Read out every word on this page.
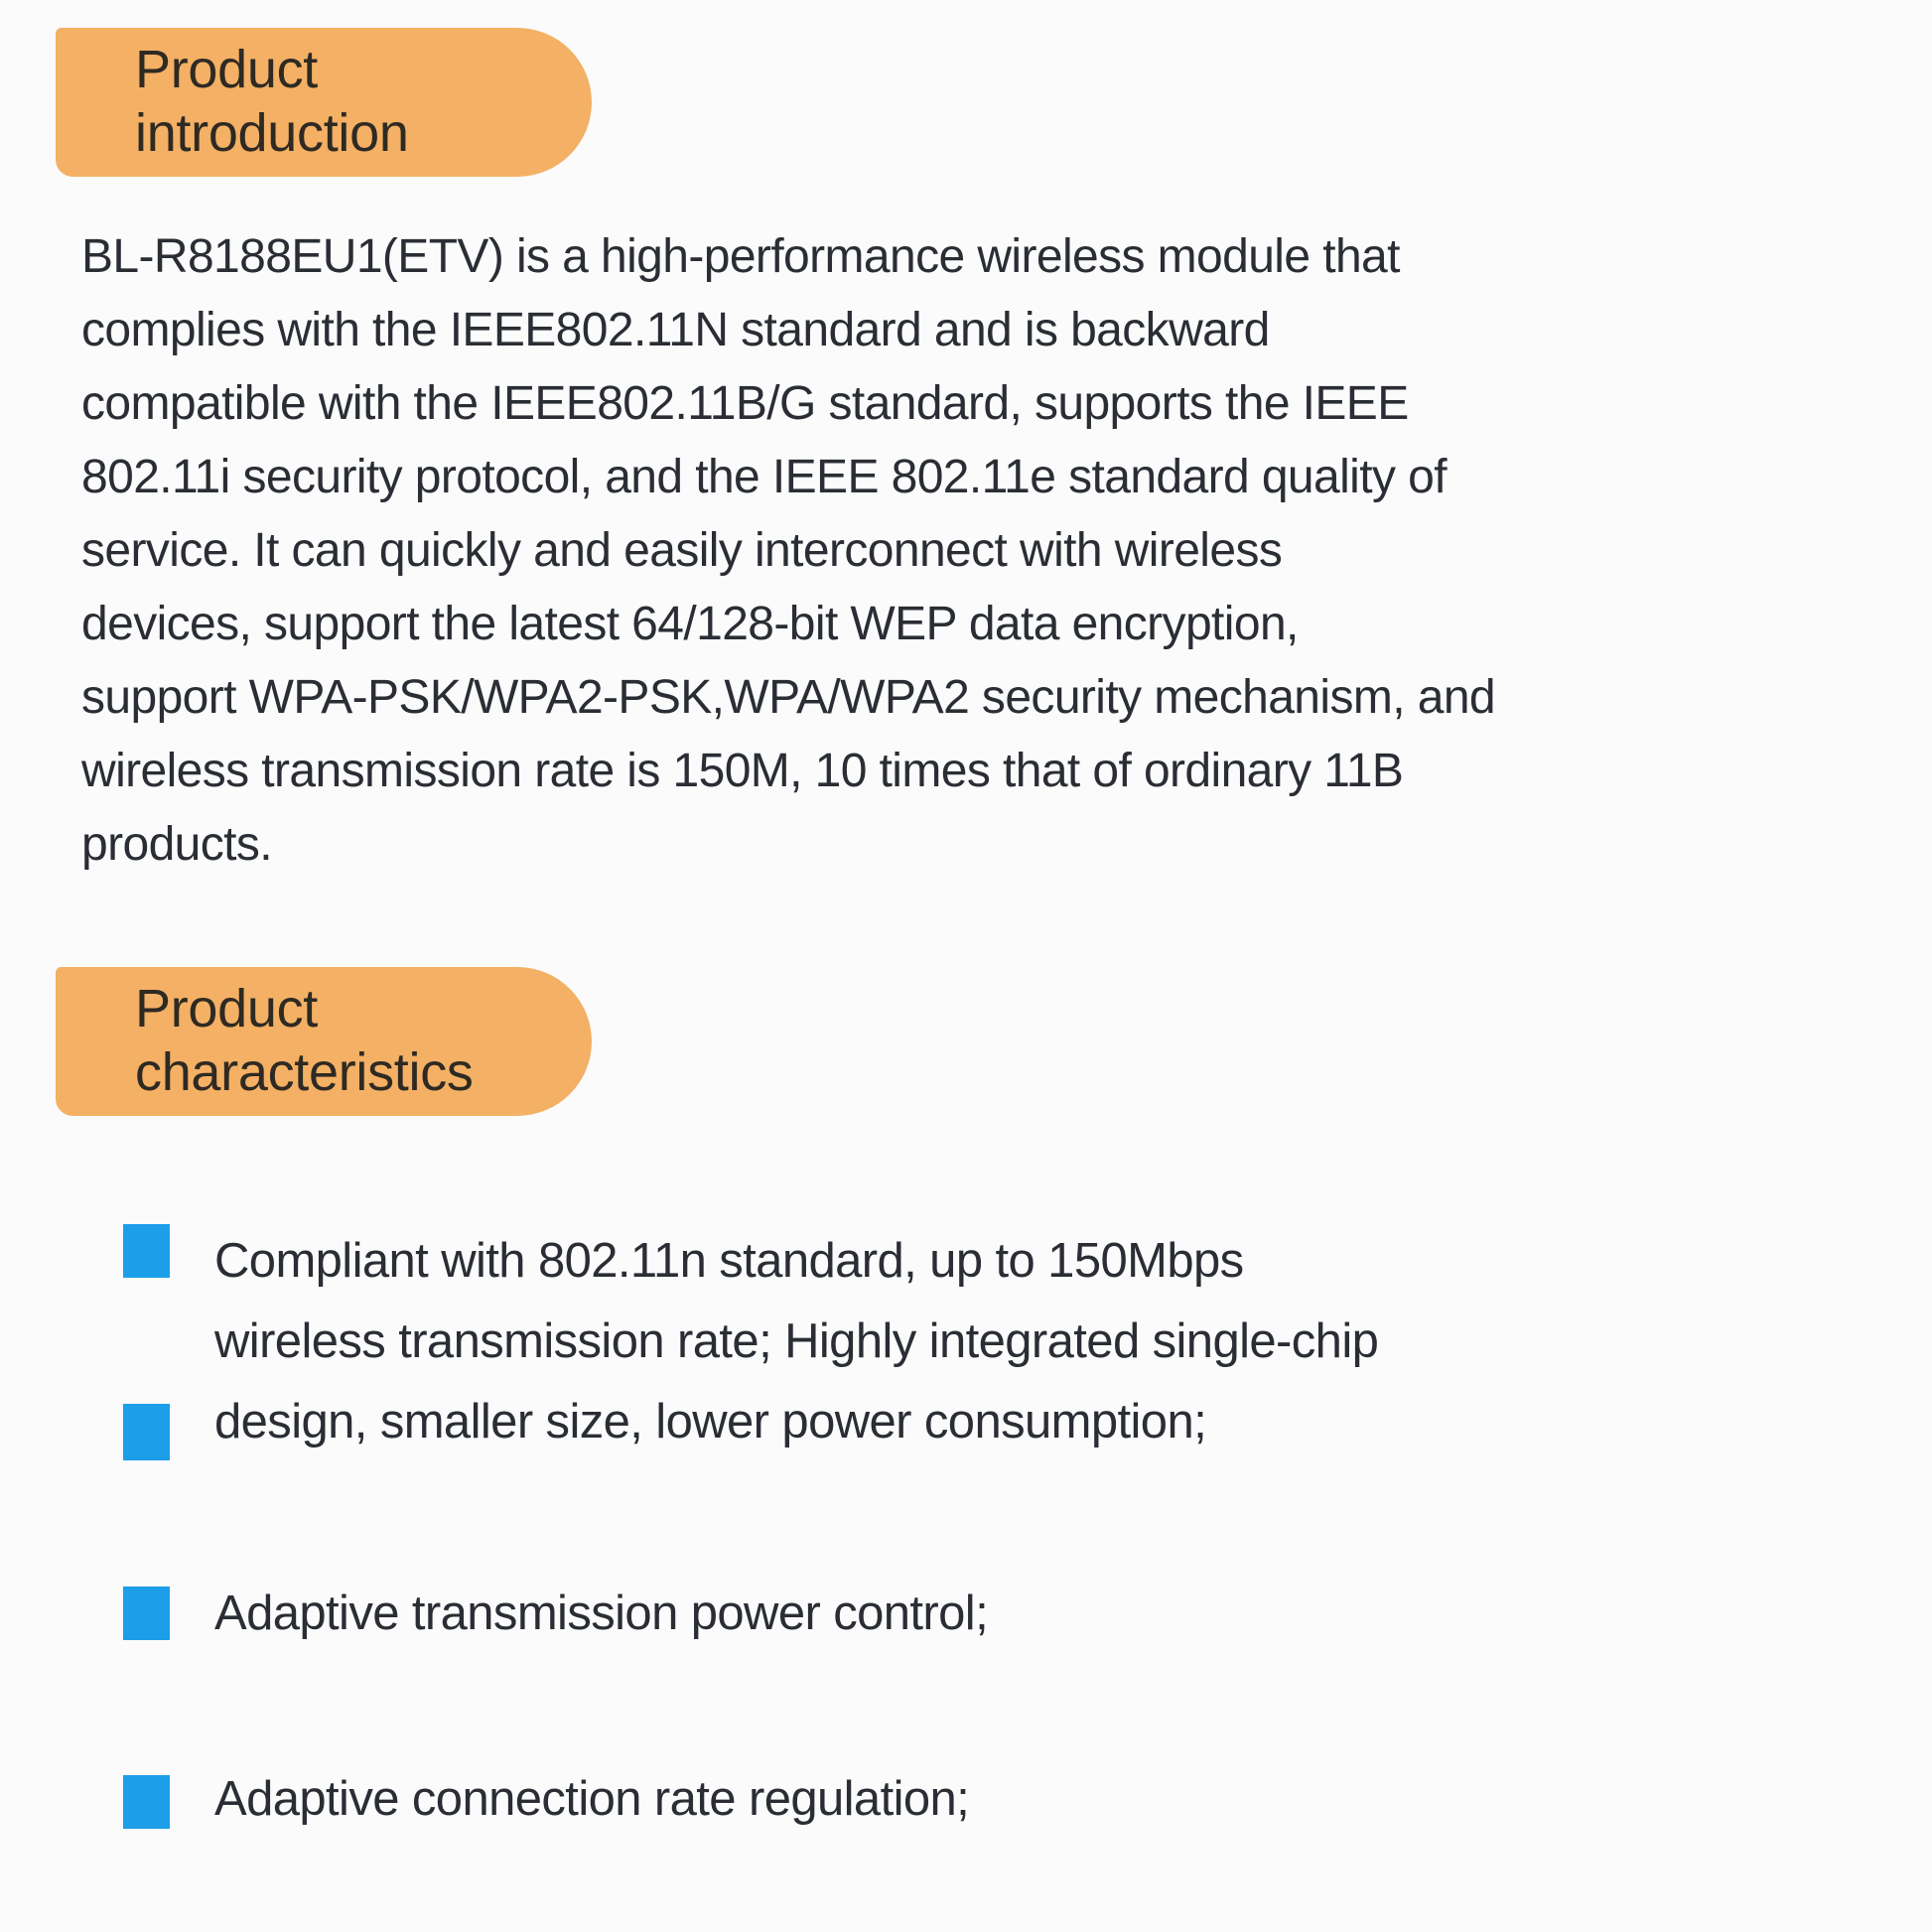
Product
introduction
BL-R8188EU1(ETV) is a high-performance wireless module that
complies with the IEEE802.11N standard and is backward
compatible with the IEEE802.11B/G standard, supports the IEEE
802.11i security protocol, and the IEEE 802.11e standard quality of
service. It can quickly and easily interconnect with wireless
devices, support the latest 64/128-bit WEP data encryption,
support WPA-PSK/WPA2-PSK,WPA/WPA2 security mechanism, and
wireless transmission rate is 150M, 10 times that of ordinary 11B
products.
Product
characteristics
Compliant with 802.11n standard, up to 150Mbps
wireless transmission rate; Highly integrated single-chip
design, smaller size, lower power consumption;
Adaptive transmission power control;
Adaptive connection rate regulation;
